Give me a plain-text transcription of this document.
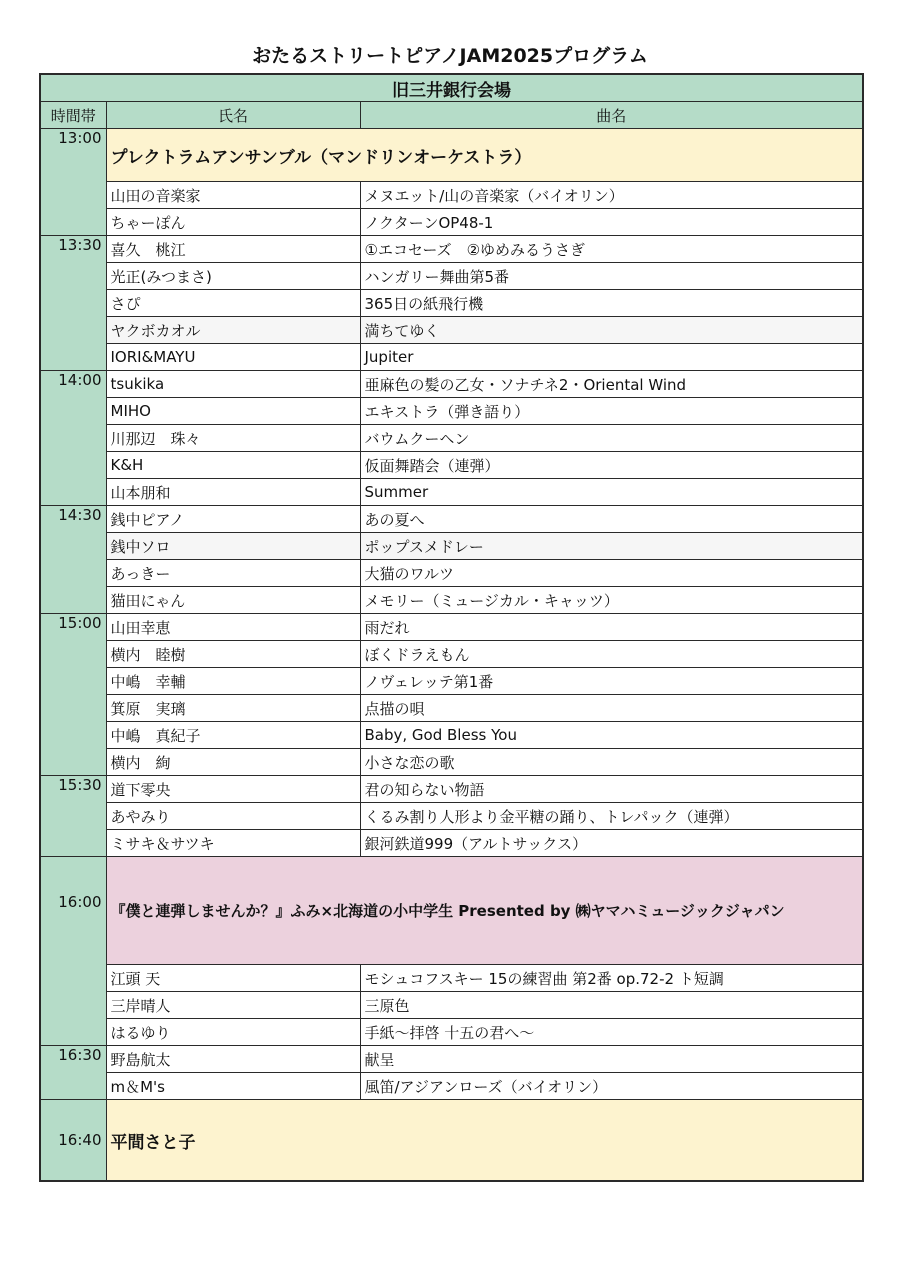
おたるストリートピアノJAM2025プログラム
旧三井銀行会場		
時間帯	氏名	曲名
13:00	プレクトラムアンサンブル（マンドリンオーケストラ）	
	山田の音楽家	メヌエット/山の音楽家（バイオリン）
	ちゃーぽん	ノクターンOP48-1
13:30	喜久　桃江	①エコセーズ　②ゆめみるうさぎ
	光正(みつまさ)	ハンガリー舞曲第5番
	さぴ	365日の紙飛行機
	ヤクボカオル	満ちてゆく
	IORI&MAYU	Jupiter
14:00	tsukika	亜麻色の髪の乙女・ソナチネ2・Oriental Wind
	MIHO	エキストラ（弾き語り）
	川那辺　珠々	バウムクーヘン
	K&H	仮面舞踏会（連弾）
	山本朋和	Summer
14:30	銭中ピアノ	あの夏へ
	銭中ソロ	ポップスメドレー
	あっきー	大猫のワルツ
	猫田にゃん	メモリー（ミュージカル・キャッツ）
15:00	山田幸恵	雨だれ
	横内　睦樹	ぼくドラえもん
	中嶋　幸輔	ノヴェレッテ第1番
	箕原　実璃	点描の唄
	中嶋　真紀子	Baby, God Bless You
	横内　絢	小さな恋の歌
15:30	道下零央	君の知らない物語
	あやみり	くるみ割り人形より金平糖の踊り、トレパック（連弾）
	ミサキ＆サツキ	銀河鉄道999（アルトサックス）
16:00	『僕と連弾しませんか？』ふみ×北海道の小中学生 Presented by ㈱ヤマハミュージックジャパン	
	江頭 天	モシュコフスキー 15の練習曲 第2番 op.72-2 ト短調
	三岸晴人	三原色
	はるゆり	手紙～拝啓 十五の君へ～
16:30	野島航太	献呈
	m＆M's	風笛/アジアンローズ（バイオリン）
16:40	平間さと子	
